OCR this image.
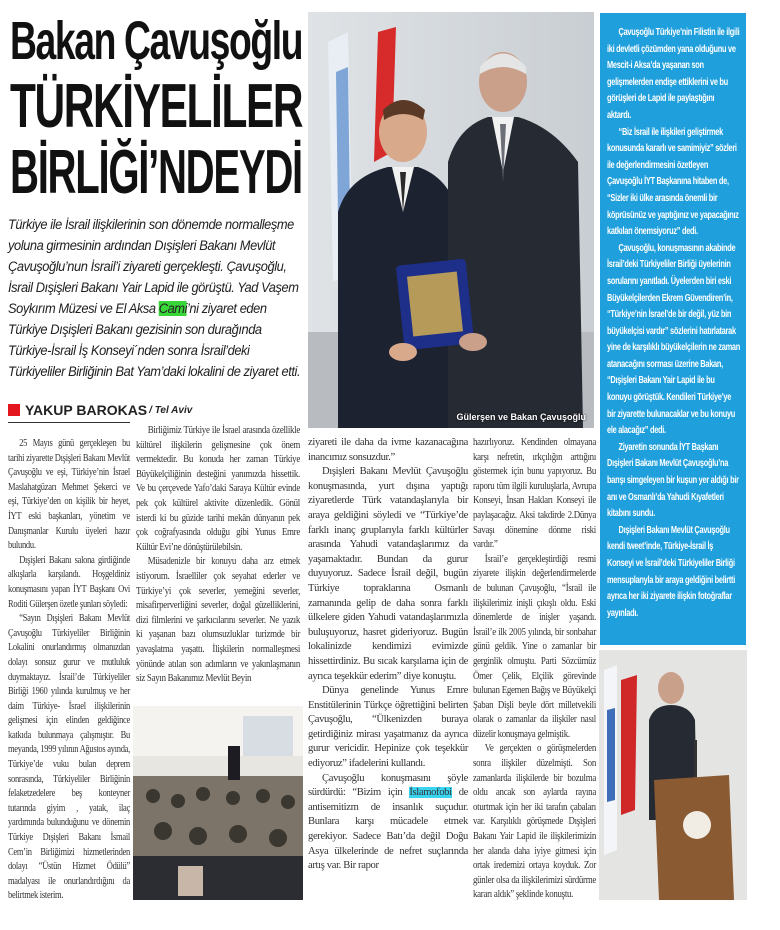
Bakan Çavuşoğlu
TÜRKİYELİLER
BİRLİĞİ’NDEYDİ
Türkiye ile İsrail ilişkilerinin son dönemde normalleşme yoluna girmesinin ardından Dışişleri Bakanı Mevlüt Çavuşoğlu’nun İsrail’i ziyareti gerçekleşti. Çavuşoğlu, İsrail Dışişleri Bakanı Yair Lapid ile görüştü. Yad Vaşem Soykırım Müzesi ve El Aksa Cami’ni ziyaret eden Türkiye Dışişleri Bakanı gezisinin son durağında Türkiye-İsrail İş Konseyi´nden sonra İsrail’deki Türkiyeliler Birliğinin Bat Yam’daki lokalini de ziyaret etti.
YAKUP BAROKAS / Tel Aviv
Gülerşen ve Bakan Çavuşoğlu

25 Mayıs günü gerçekleşen bu tarihi ziyarette Dışişleri Bakanı Mevlüt Çavuşoğlu ve eşi, Türkiye’nin İsrael Maslahatgüzarı Mehmet Şekerci ve eşi, Türkiye’den on kişilik bir heyet, İYT eski başkanları, yönetim ve Danışmanlar Kurulu üyeleri hazır bulundu.

Dışişleri Bakanı salona girdiğinde alkışlarla karşılandı. Hoşgeldiniz konuşmasını yapan İYT Başkanı Ovi Roditi Gülerşen özetle şunları söyledi:

“Sayın Dışişleri Bakanı Mevlüt Çavuşoğlu Türkiyeliler Birliğinin Lokalini onurlandırmış olmanızdan dolayı sonsuz gurur ve mutluluk duymaktayız. İsrail’de Türkiyeliler Birliği 1960 yılında kurulmuş ve her daim Türkiye- İsrael ilişkilerinin gelişmesi için elinden geldiğince katkıda bulunmaya çalışmıştır. Bu meyanda, 1999 yılının Ağustos ayında, Türkiye’de vuku bulan deprem sonrasında, Türkiyeliler Birliğinin felaketzedelere beş konteyner tutarında giyim , yatak, ilaç yardımında bulunduğunu ve dönemin Türkiye Dışişleri Bakanı İsmail Cem’in Birliğimizi hizmetlerinden dolayı “Üstün Hizmet Ödülü” madalyası ile onurlandırdığını da belirtmek isterim.

Birliğimiz Türkiye ile İsrael arasında özellikle kültürel ilişkilerin gelişmesine çok önem vermektedir. Bu konuda her zaman Türkiye Büyükelçiliğinin desteğini yanımızda hissettik. Ve bu çerçevede Yafo’daki Saraya Kültür evinde pek çok kültürel aktivite düzenledik. Gönül isterdi ki bu güzide tarihi mekân dünyanın pek çok coğrafyasında olduğu gibi Yunus Emre Kültür Evi’ne dönüştürülebilsin.

Müsadenizle bir konuyu daha arz etmek istiyorum. İsraelliler çok seyahat ederler ve Türkiye’yi çok severler, yemeğini severler, misafirperverliğini severler, doğal güzelliklerini, dizi filmlerini ve şarkıcılarını severler. Ne yazık ki yaşanan bazı olumsuzluklar turizmde bir yavaşlatma yaşattı. İlişkilerin normalleşmesi yönünde atılan son adımların ve yakınlaşmanın siz Sayın Bakanımız Mevlüt Beyin

ziyareti ile daha da ivme kazanacağına inancımız sonsuzdur.”

Dışişleri Bakanı Mevlüt Çavuşoğlu konuşmasında, yurt dışına yaptığı ziyaretlerde Türk vatandaşlarıyla bir araya geldiğini söyledi ve “Türkiye’de farklı inanç gruplarıyla farklı kültürler arasında Yahudi vatandaşlarımız da yaşamaktadır. Bundan da gurur duyuyoruz. Sadece İsrail değil, bugün Türkiye topraklarına Osmanlı zamanında gelip de daha sonra farklı ülkelere giden Yahudi vatandaşlarımızla buluşuyoruz, hasret gideriyoruz. Bugün lokalinizde kendimizi evimizde hissettirdiniz. Bu sıcak karşılama için de ayrıca teşekkür ederim” diye konuştu.

Dünya genelinde Yunus Emre Enstitülerinin Türkçe öğrettiğini belirten Çavuşoğlu, “Ülkenizden buraya getirdiğiniz mirası yaşatmanız da ayrıca gurur vericidir. Hepinize çok teşekkür ediyoruz” ifadelerini kullandı.

Çavuşoğlu konuşmasını şöyle sürdürdü: “Bizim için İslamofobi de antisemitizm de insanlık suçudur. Bunlara karşı mücadele etmek gerekiyor. Sadece Batı’da değil Doğu Asya ülkelerinde de nefret suçlarında artış var. Bir rapor

hazırlıyoruz. Kendinden olmayana karşı nefretin, ırkçılığın arttığını göstermek için bunu yapıyoruz. Bu raporu tüm ilgili kuruluşlarla, Avrupa Konseyi, İnsan Hakları Konseyi ile paylaşacağız. Aksi takdirde 2.Dünya Savaşı dönemine dönme riski vardır.”

İsrail’e gerçekleştirdiği resmi ziyarete ilişkin değerlendirmelerde de bulunan Çavuşoğlu, “İsrail ile ilişkilerimiz inişli çıkışlı oldu. Eski dönemlerde de inişler yaşandı. İsrail’e ilk 2005 yılında, bir sonbahar günü geldik. Yine o zamanlar bir gerginlik olmuştu. Parti Sözcümüz Ömer Çelik, Elçilik görevinde bulunan Egemen Bağış ve Büyükelçi Şaban Dişli beyle dört milletvekili olarak o zamanlar da ilişkiler nasıl düzelir konuşmaya gelmiştik.

Ve gerçekten o görüşmelerden sonra ilişkiler düzelmişti. Son zamanlarda ilişkilerde bir bozulma oldu ancak son aylarda rayına oturtmak için her iki tarafın çabaları var. Karşılıklı görüşmede Dışişleri Bakanı Yair Lapid ile ilişkilerimizin her alanda daha iyiye gitmesi için ortak iredemizi ortaya koyduk. Zor günler olsa da ilişkilerimizi sürdürme kararı aldık” şeklinde konuştu.

Çavuşoğlu Türkiye’nin Filistin ile ilgili iki devletli çözümden yana olduğunu ve Mescit-i Aksa’da yaşanan son gelişmelerden endişe ettiklerini ve bu görüşleri de Lapid ile paylaştığını aktardı.

“Biz İsrail ile ilişkileri geliştirmek konusunda kararlı ve samimiyiz” sözleri ile değerlendirmesini özetleyen Çavuşoğlu İYT Başkanına hitaben de, “Sizler iki ülke arasında önemli bir köprüsünüz ve yaptığınız ve yapacağınız katkıları önemsiyoruz” dedi.

Çavuşoğlu, konuşmasının akabinde İsrail’deki Türkiyeliler Birliği üyelerinin sorularını yanıtladı. Üyelerden biri eski Büyükelçilerden Ekrem Güvendiren’in, “Türkiye’nin İsrael’de bir değil, yüz bin büyükelçisi vardır” sözlerini hatırlatarak yine de karşılıklı büyükelçilerin ne zaman atanacağını sorması üzerine Bakan, “Dışişleri Bakanı Yair Lapid ile bu konuyu görüştük. Kendileri Türkiye’ye bir ziyarette bulunacaklar ve bu konuyu ele alacağız” dedi.

Ziyaretin sonunda İYT Başkanı Dışişleri Bakanı Mevlüt Çavuşoğlu’na barışı simgeleyen bir kuşun yer aldığı bir anı ve Osmanlı’da Yahudi Kıyafetleri kitabını sundu.

Dışişleri Bakanı Mevlüt Çavuşoğlu kendi tweet’inde, Türkiye-İsrail İş Konseyi ve İsrail’deki Türkiyeliler Birliği mensuplarıyla bir araya geldiğini belirtti ayrıca her iki ziyarete ilişkin fotoğraflar yayınladı.
